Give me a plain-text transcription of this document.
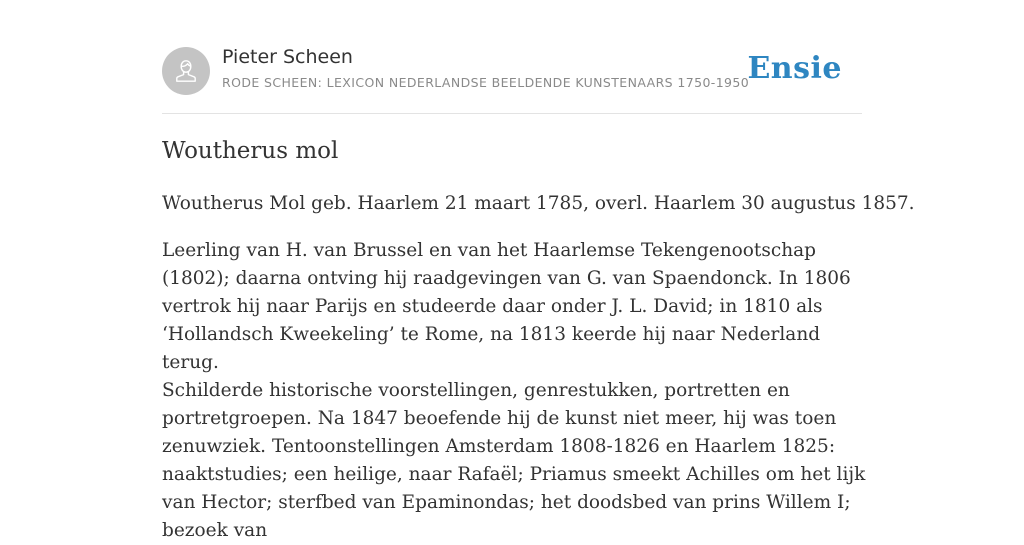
Pieter Scheen
RODE SCHEEN: LEXICON NEDERLANDSE BEELDENDE KUNSTENAARS 1750-1950
Ensie
Woutherus mol

Woutherus Mol geb. Haarlem 21 maart 1785, overl. Haarlem 30 augustus 1857.

Leerling van H. van Brussel en van het Haarlemse Tekengenootschap (1802); daarna ontving hij raadgevingen van G. van Spaendonck. In 1806 vertrok hij naar Parijs en studeerde daar onder J. L. David; in 1810 als ‘Hollandsch Kweekeling’ te Rome, na 1813 keerde hij naar Nederland terug.

Schilderde historische voorstellingen, genrestukken, portretten en portretgroepen. Na 1847 beoefende hij de kunst niet meer, hij was toen zenuwziek. Tentoonstellingen Amsterdam 1808-1826 en Haarlem 1825: naaktstudies; een heilige, naar Rafaël; Priamus smeekt Achilles om het lijk van Hector; sterfbed van Epaminondas; het doodsbed van prins Willem I; bezoek van
